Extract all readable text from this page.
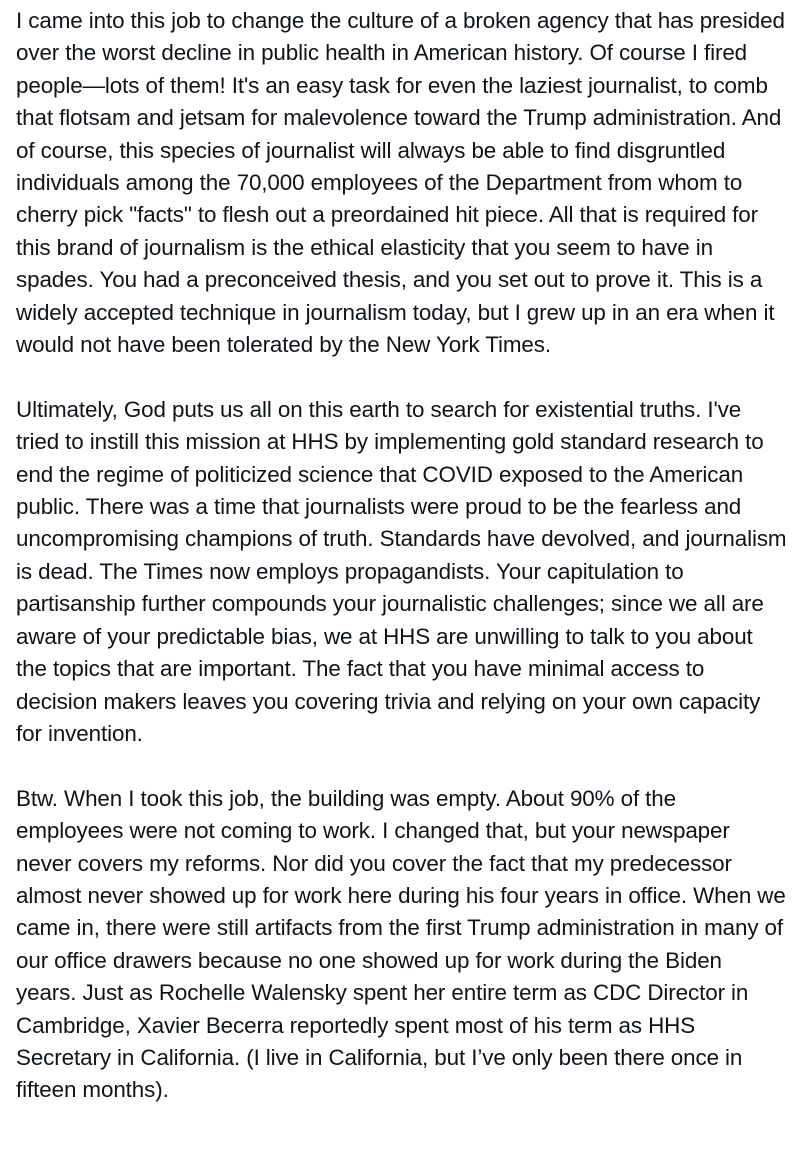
I came into this job to change the culture of a broken agency that has presided over the worst decline in public health in American history. Of course I fired people—lots of them! It's an easy task for even the laziest journalist, to comb that flotsam and jetsam for malevolence toward the Trump administration. And of course, this species of journalist will always be able to find disgruntled individuals among the 70,000 employees of the Department from whom to cherry pick "facts" to flesh out a preordained hit piece. All that is required for this brand of journalism is the ethical elasticity that you seem to have in spades. You had a preconceived thesis, and you set out to prove it. This is a widely accepted technique in journalism today, but I grew up in an era when it would not have been tolerated by the New York Times.

Ultimately, God puts us all on this earth to search for existential truths. I've tried to instill this mission at HHS by implementing gold standard research to end the regime of politicized science that COVID exposed to the American public. There was a time that journalists were proud to be the fearless and uncompromising champions of truth. Standards have devolved, and journalism is dead. The Times now employs propagandists. Your capitulation to partisanship further compounds your journalistic challenges; since we all are aware of your predictable bias, we at HHS are unwilling to talk to you about the topics that are important. The fact that you have minimal access to decision makers leaves you covering trivia and relying on your own capacity for invention.

Btw. When I took this job, the building was empty. About 90% of the employees were not coming to work. I changed that, but your newspaper never covers my reforms. Nor did you cover the fact that my predecessor almost never showed up for work here during his four years in office. When we came in, there were still artifacts from the first Trump administration in many of our office drawers because no one showed up for work during the Biden years. Just as Rochelle Walensky spent her entire term as CDC Director in Cambridge, Xavier Becerra reportedly spent most of his term as HHS Secretary in California. (I live in California, but I’ve only been there once in fifteen months).
